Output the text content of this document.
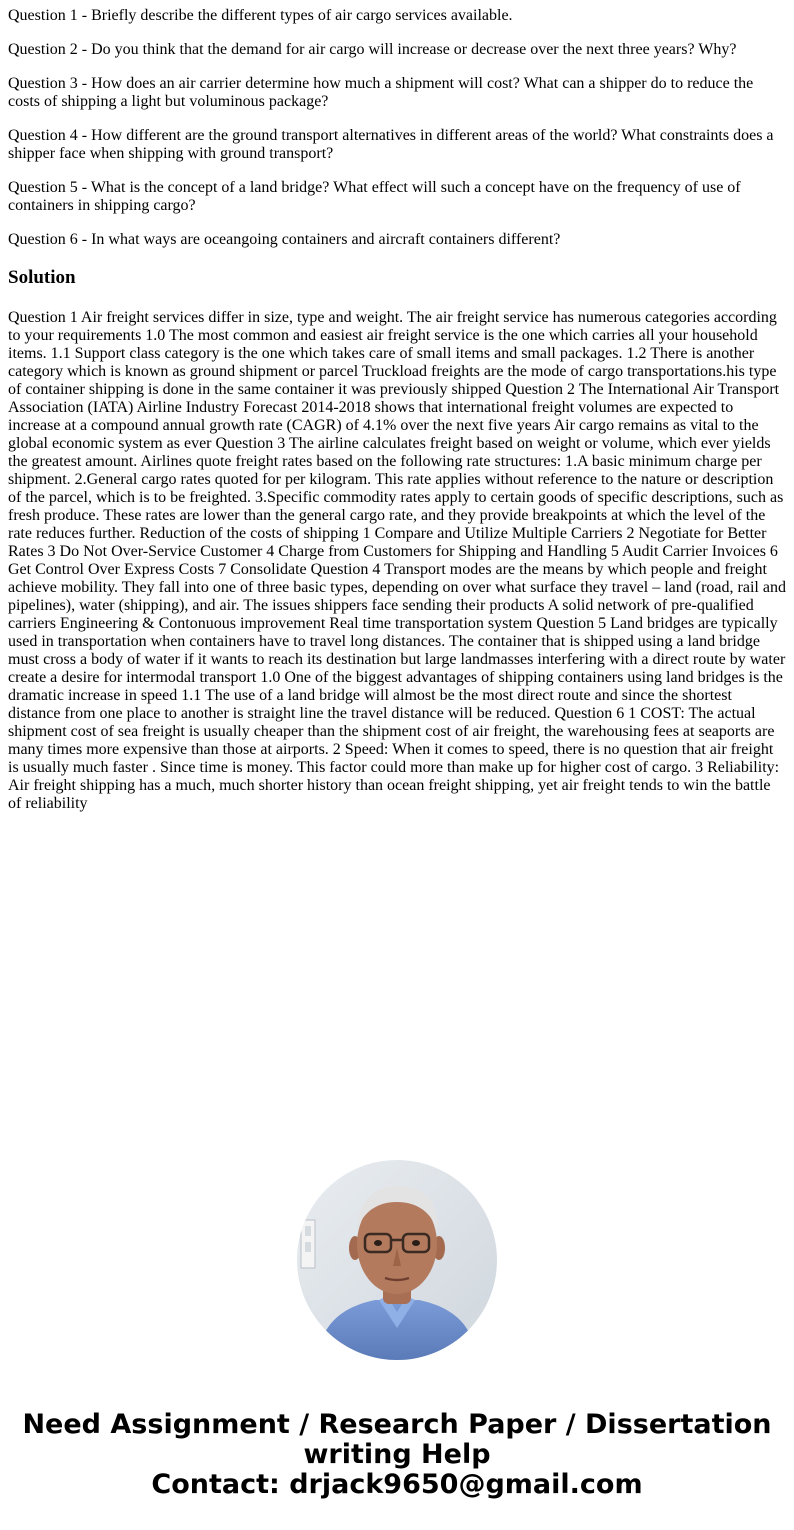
Question 1 - Briefly describe the different types of air cargo services available.

Question 2 - Do you think that the demand for air cargo will increase or decrease over the next three years? Why?

Question 3 - How does an air carrier determine how much a shipment will cost? What can a shipper do to reduce the costs of shipping a light but voluminous package?

Question 4 - How different are the ground transport alternatives in different areas of the world? What constraints does a shipper face when shipping with ground transport?

Question 5 - What is the concept of a land bridge? What effect will such a concept have on the frequency of use of containers in shipping cargo?

Question 6 - In what ways are oceangoing containers and aircraft containers different?

Solution

Question 1 Air freight services differ in size, type and weight. The air freight service has numerous categories according to your requirements 1.0 The most common and easiest air freight service is the one which carries all your household items. 1.1 Support class category is the one which takes care of small items and small packages. 1.2 There is another category which is known as ground shipment or parcel Truckload freights are the mode of cargo transportations.his type of container shipping is done in the same container it was previously shipped Question 2 The International Air Transport Association (IATA) Airline Industry Forecast 2014-2018 shows that international freight volumes are expected to increase at a compound annual growth rate (CAGR) of 4.1% over the next five years Air cargo remains as vital to the global economic system as ever Question 3 The airline calculates freight based on weight or volume, which ever yields the greatest amount. Airlines quote freight rates based on the following rate structures: 1.A basic minimum charge per shipment. 2.General cargo rates quoted for per kilogram. This rate applies without reference to the nature or description of the parcel, which is to be freighted. 3.Specific commodity rates apply to certain goods of specific descriptions, such as fresh produce. These rates are lower than the general cargo rate, and they provide breakpoints at which the level of the rate reduces further. Reduction of the costs of shipping 1 Compare and Utilize Multiple Carriers 2 Negotiate for Better Rates 3 Do Not Over-Service Customer 4 Charge from Customers for Shipping and Handling 5 Audit Carrier Invoices 6 Get Control Over Express Costs 7 Consolidate Question 4 Transport modes are the means by which people and freight achieve mobility. They fall into one of three basic types, depending on over what surface they travel – land (road, rail and pipelines), water (shipping), and air. The issues shippers face sending their products A solid network of pre-qualified carriers Engineering & Contonuous improvement Real time transportation system Question 5 Land bridges are typically used in transportation when containers have to travel long distances. The container that is shipped using a land bridge must cross a body of water if it wants to reach its destination but large landmasses interfering with a direct route by water create a desire for intermodal transport 1.0 One of the biggest advantages of shipping containers using land bridges is the dramatic increase in speed 1.1 The use of a land bridge will almost be the most direct route and since the shortest distance from one place to another is straight line the travel distance will be reduced. Question 6 1 COST: The actual shipment cost of sea freight is usually cheaper than the shipment cost of air freight, the warehousing fees at seaports are many times more expensive than those at airports. 2 Speed: When it comes to speed, there is no question that air freight is usually much faster . Since time is money. This factor could more than make up for higher cost of cargo. 3 Reliability: Air freight shipping has a much, much shorter history than ocean freight shipping, yet air freight tends to win the battle of reliability

Need Assignment / Research Paper / Dissertation
writing Help
Contact: drjack9650@gmail.com
